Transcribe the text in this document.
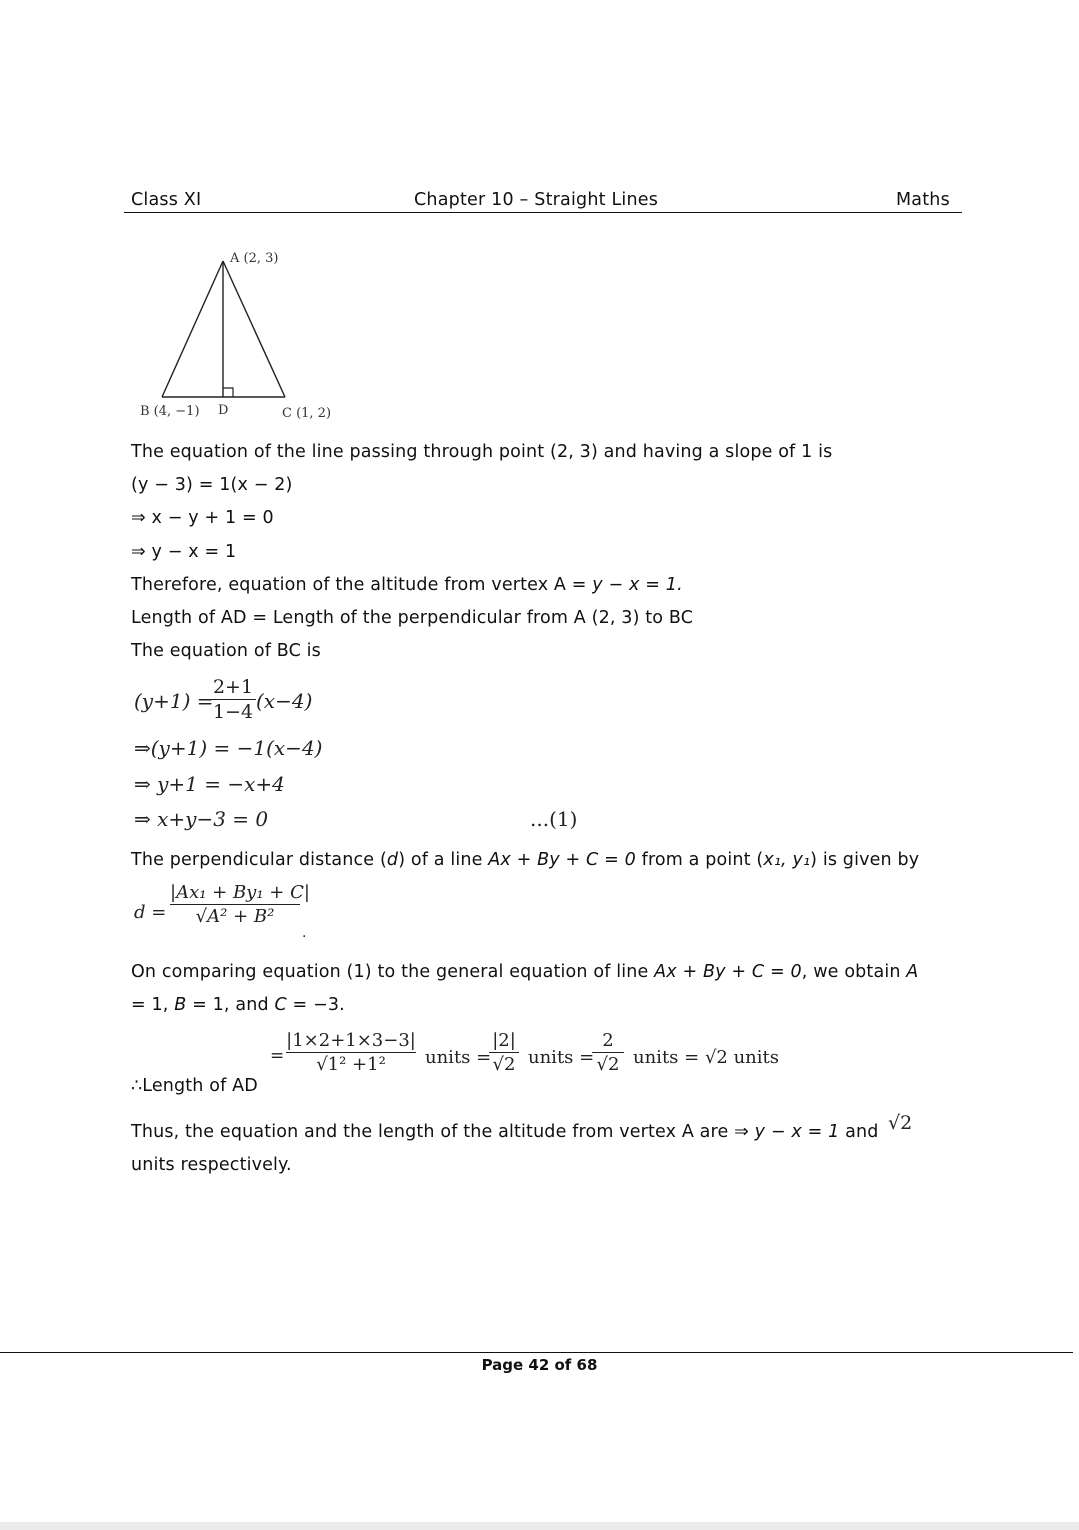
Class XI	Chapter 10 – Straight Lines	Maths
A (2, 3)
B (4, −1) D	C (1, 2)
The equation of the line passing through point (2, 3) and having a slope of 1 is
(y − 3) = 1(x − 2)
⇒ x − y + 1 = 0
⇒ y − x = 1
Therefore, equation of the altitude from vertex A = y − x = 1.
Length of AD = Length of the perpendicular from A (2, 3) to BC
The equation of BC is
(y+1) =
2+1
1−4 (x−4)
⇒(y+1) = −1(x−4)
⇒ y+1 = −x+4
⇒ x+y−3 = 0	...(1)
The perpendicular distance (d) of a line Ax + By + C = 0 from a point (x₁, y₁) is given by
d =
|Ax₁ + By₁ + C|
√A² + B²
.
On comparing equation (1) to the general equation of line Ax + By + C = 0, we obtain A
= 1, B = 1, and C = −3.
=
|1×2+1×3−3|
√1² +1²	units =
|2|
√2 units =
2
√2 units = √2 units
∴Length of AD
Thus, the equation and the length of the altitude from vertex A are ⇒ y − x = 1 and √2
units respectively.
Page 42 of 68
